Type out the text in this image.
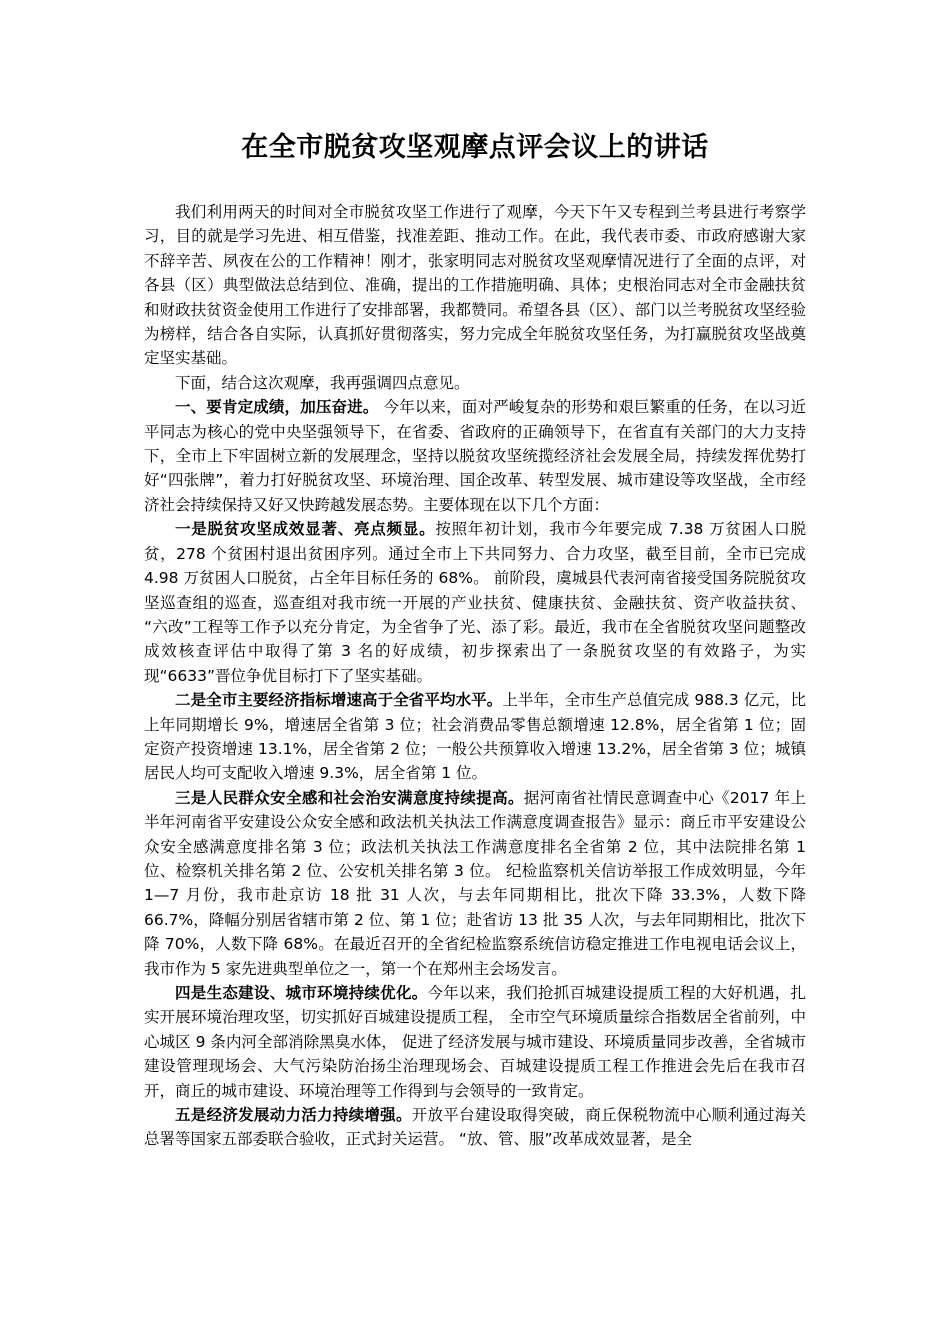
在全市脱贫攻坚观摩点评会议上的讲话

我们利用两天的时间对全市脱贫攻坚工作进行了观摩，今天下午又专程到兰考县进行考察学习，目的就是学习先进、相互借鉴，找准差距、推动工作。在此，我代表市委、市政府感谢大家不辞辛苦、夙夜在公的工作精神！刚才，张家明同志对脱贫攻坚观摩情况进行了全面的点评，对各县（区）典型做法总结到位、准确，提出的工作措施明确、具体；史根治同志对全市金融扶贫和财政扶贫资金使用工作进行了安排部署，我都赞同。希望各县（区）、部门以兰考脱贫攻坚经验为榜样，结合各自实际，认真抓好贯彻落实，努力完成全年脱贫攻坚任务，为打赢脱贫攻坚战奠定坚实基础。

下面，结合这次观摩，我再强调四点意见。

一、要肯定成绩，加压奋进。 今年以来，面对严峻复杂的形势和艰巨繁重的任务，在以习近平同志为核心的党中央坚强领导下，在省委、省政府的正确领导下，在省直有关部门的大力支持下，全市上下牢固树立新的发展理念，坚持以脱贫攻坚统揽经济社会发展全局，持续发挥优势打好“四张牌”，着力打好脱贫攻坚、环境治理、国企改革、转型发展、城市建设等攻坚战，全市经济社会持续保持又好又快跨越发展态势。主要体现在以下几个方面：

一是脱贫攻坚成效显著、亮点频显。按照年初计划，我市今年要完成 7.38 万贫困人口脱贫，278 个贫困村退出贫困序列。通过全市上下共同努力、合力攻坚，截至目前，全市已完成 4.98 万贫困人口脱贫，占全年目标任务的 68%。 前阶段，虞城县代表河南省接受国务院脱贫攻坚巡查组的巡查，巡查组对我市统一开展的产业扶贫、健康扶贫、金融扶贫、资产收益扶贫、 “六改”工程等工作予以充分肯定，为全省争了光、添了彩。最近，我市在全省脱贫攻坚问题整改成效核查评估中取得了第 3 名的好成绩，初步探索出了一条脱贫攻坚的有效路子，为实现“6633”晋位争优目标打下了坚实基础。

二是全市主要经济指标增速高于全省平均水平。上半年，全市生产总值完成 988.3 亿元，比上年同期增长 9%，增速居全省第 3 位；社会消费品零售总额增速 12.8%，居全省第 1 位；固定资产投资增速 13.1%，居全省第 2 位；一般公共预算收入增速 13.2%，居全省第 3 位；城镇居民人均可支配收入增速 9.3%，居全省第 1 位。

三是人民群众安全感和社会治安满意度持续提高。据河南省社情民意调查中心《2017 年上半年河南省平安建设公众安全感和政法机关执法工作满意度调查报告》显示：商丘市平安建设公众安全感满意度排名第 3 位；政法机关执法工作满意度排名全省第 2 位，其中法院排名第 1 位、检察机关排名第 2 位、公安机关排名第 3 位。 纪检监察机关信访举报工作成效明显，今年 1—7 月份，我市赴京访 18 批 31 人次，与去年同期相比，批次下降 33.3%，人数下降 66.7%，降幅分别居省辖市第 2 位、第 1 位；赴省访 13 批 35 人次，与去年同期相比，批次下降 70%，人数下降 68%。在最近召开的全省纪检监察系统信访稳定推进工作电视电话会议上，我市作为 5 家先进典型单位之一，第一个在郑州主会场发言。

四是生态建设、城市环境持续优化。今年以来，我们抢抓百城建设提质工程的大好机遇，扎实开展环境治理攻坚，切实抓好百城建设提质工程， 全市空气环境质量综合指数居全省前列，中心城区 9 条内河全部消除黑臭水体， 促进了经济发展与城市建设、环境质量同步改善，全省城市建设管理现场会、大气污染防治扬尘治理现场会、百城建设提质工程工作推进会先后在我市召开，商丘的城市建设、环境治理等工作得到与会领导的一致肯定。

五是经济发展动力活力持续增强。开放平台建设取得突破，商丘保税物流中心顺利通过海关总署等国家五部委联合验收，正式封关运营。 “放、管、服”改革成效显著，是全
